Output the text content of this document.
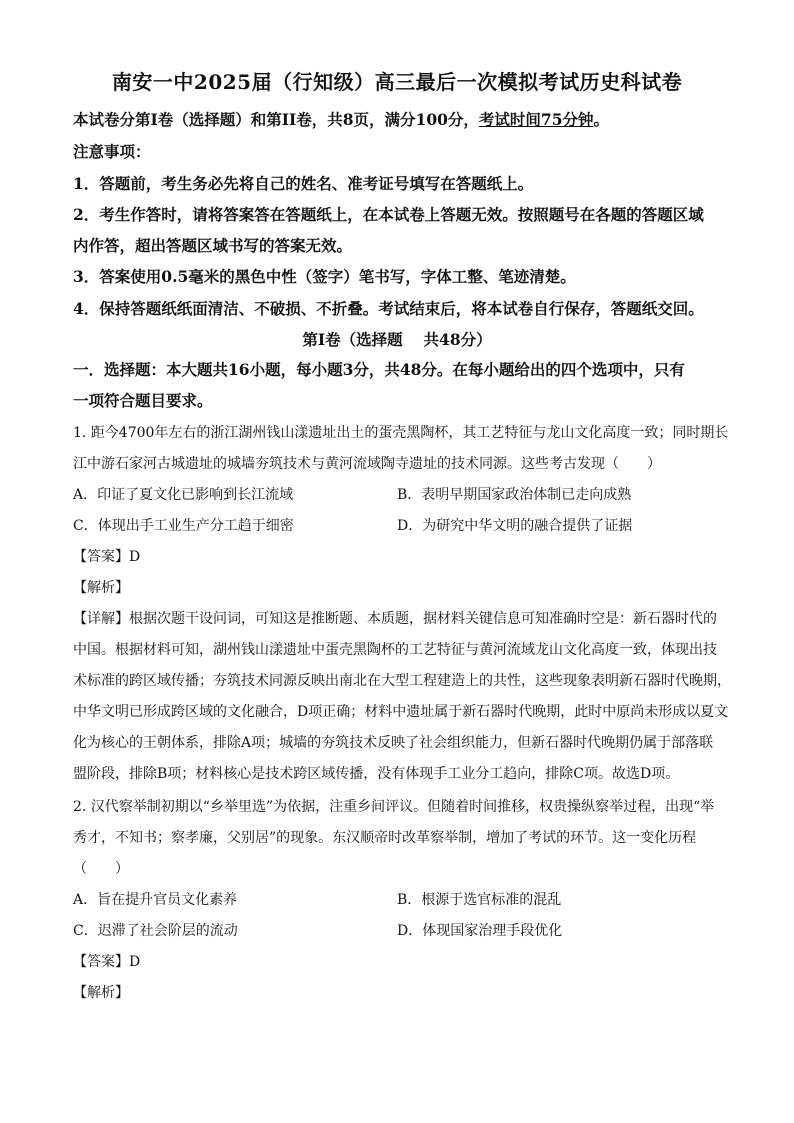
南安一中2025届（行知级）高三最后一次模拟考试历史科试卷
本试卷分第Ⅰ卷（选择题）和第II卷，共8页，满分100分，考试时间75分钟。
注意事项：
1．答题前，考生务必先将自己的姓名、准考证号填写在答题纸上。
2．考生作答时，请将答案答在答题纸上，在本试卷上答题无效。按照题号在各题的答题区域
内作答，超出答题区域书写的答案无效。
3．答案使用0.5毫米的黑色中性（签字）笔书写，字体工整、笔迹清楚。
4．保持答题纸纸面清洁、不破损、不折叠。考试结束后，将本试卷自行保存，答题纸交回。
第Ⅰ卷（选择题　 共48分）
一．选择题：本大题共16小题，每小题3分，共48分。在每小题给出的四个选项中，只有
一项符合题目要求。
1. 距今4700年左右的浙江湖州钱山漾遗址出土的蛋壳黑陶杯，其工艺特征与龙山文化高度一致；同时期长
江中游石家河古城遗址的城墙夯筑技术与黄河流域陶寺遗址的技术同源。这些考古发现（　　）
A．印证了夏文化已影响到长江流域	B．表明早期国家政治体制已走向成熟
C．体现出手工业生产分工趋于细密	D．为研究中华文明的融合提供了证据
【答案】D
【解析】
【详解】根据次题干设问词，可知这是推断题、本质题，据材料关键信息可知准确时空是：新石器时代的
中国。根据材料可知，湖州钱山漾遗址中蛋壳黑陶杯的工艺特征与黄河流域龙山文化高度一致，体现出技
术标准的跨区域传播；夯筑技术同源反映出南北在大型工程建造上的共性，这些现象表明新石器时代晚期，
中华文明已形成跨区域的文化融合，D项正确；材料中遗址属于新石器时代晚期，此时中原尚未形成以夏文
化为核心的王朝体系，排除A项；城墙的夯筑技术反映了社会组织能力，但新石器时代晚期仍属于部落联
盟阶段，排除B项；材料核心是技术跨区域传播，没有体现手工业分工趋向，排除C项。故选D项。
2. 汉代察举制初期以“乡举里选”为依据，注重乡间评议。但随着时间推移，权贵操纵察举过程，出现“举
秀才，不知书；察孝廉，父别居”的现象。东汉顺帝时改革察举制，增加了考试的环节。这一变化历程
（　　）
A．旨在提升官员文化素养	B．根源于选官标准的混乱
C．迟滞了社会阶层的流动	D．体现国家治理手段优化
【答案】D
【解析】
